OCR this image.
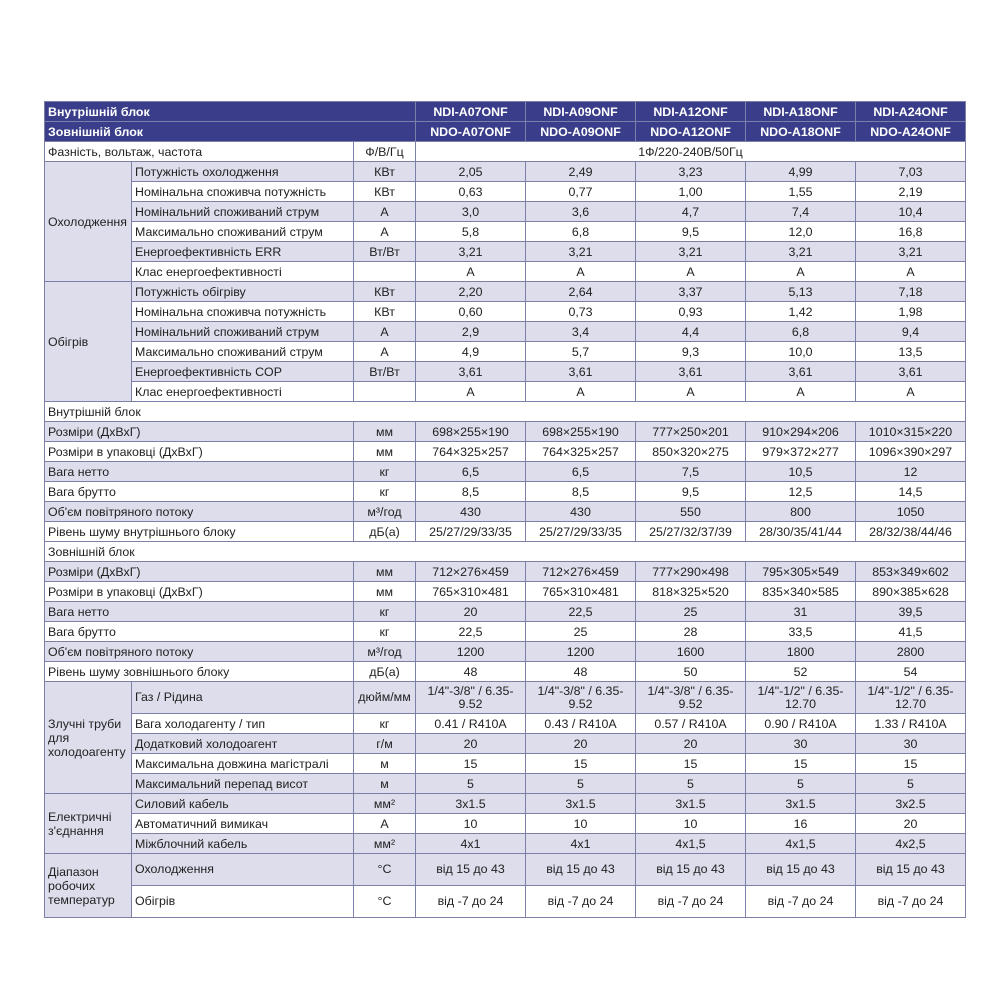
Внутрішній блок			NDI-A07ONF	NDI-A09ONF	NDI-A12ONF	NDI-A18ONF	NDI-A24ONF
Зовнішній блок			NDO-A07ONF	NDO-A09ONF	NDO-A12ONF	NDO-A18ONF	NDO-A24ONF
Фазність, вольтаж, частота		Ф/В/Гц	1Ф/220-240В/50Гц				
Охолодження	Потужність охолодження	КВт	2,05	2,49	3,23	4,99	7,03
	Номінальна споживча потужність	КВт	0,63	0,77	1,00	1,55	2,19
	Номінальний споживаний струм	А	3,0	3,6	4,7	7,4	10,4
	Максимально споживаний струм	А	5,8	6,8	9,5	12,0	16,8
	Енергоефективність ERR	Вт/Вт	3,21	3,21	3,21	3,21	3,21
	Клас енергоефективності		A	A	A	A	A
Обігрів	Потужність обігріву	КВт	2,20	2,64	3,37	5,13	7,18
	Номінальна споживча потужність	КВт	0,60	0,73	0,93	1,42	1,98
	Номінальний споживаний струм	А	2,9	3,4	4,4	6,8	9,4
	Максимально споживаний струм	А	4,9	5,7	9,3	10,0	13,5
	Енергоефективність COP	Вт/Вт	3,61	3,61	3,61	3,61	3,61
	Клас енергоефективності		A	A	A	A	A
Внутрішній блок							
Розміри (ДхВхГ)		мм	698×255×190	698×255×190	777×250×201	910×294×206	1010×315×220
Розміри в упаковці (ДхВхГ)		мм	764×325×257	764×325×257	850×320×275	979×372×277	1096×390×297
Вага нетто		кг	6,5	6,5	7,5	10,5	12
Вага брутто		кг	8,5	8,5	9,5	12,5	14,5
Об'єм повітряного потоку		м³/год	430	430	550	800	1050
Рівень шуму внутрішнього блоку		дБ(а)	25/27/29/33/35	25/27/29/33/35	25/27/32/37/39	28/30/35/41/44	28/32/38/44/46
Зовнішній блок							
Розміри (ДхВхГ)		мм	712×276×459	712×276×459	777×290×498	795×305×549	853×349×602
Розміри в упаковці (ДхВхГ)		мм	765×310×481	765×310×481	818×325×520	835×340×585	890×385×628
Вага нетто		кг	20	22,5	25	31	39,5
Вага брутто		кг	22,5	25	28	33,5	41,5
Об'єм повітряного потоку		м³/год	1200	1200	1600	1800	2800
Рівень шуму зовнішнього блоку		дБ(а)	48	48	50	52	54
Злучні труби для холодоагенту	Газ / Рідина	дюйм/мм	1/4"-3/8" / 6.35-9.52	1/4"-3/8" / 6.35-9.52	1/4"-3/8" / 6.35-9.52	1/4"-1/2" / 6.35-12.70	1/4"-1/2" / 6.35-12.70
	Вага холодагенту / тип	кг	0.41 / R410A	0.43 / R410A	0.57 / R410A	0.90 / R410A	1.33 / R410A
	Додатковий холодоагент	г/м	20	20	20	30	30
	Максимальна довжина магістралі	м	15	15	15	15	15
	Максимальний перепад висот	м	5	5	5	5	5
Електричні з'єднання	Силовий кабель	мм²	3x1.5	3x1.5	3x1.5	3x1.5	3x2.5
	Автоматичний вимикач	А	10	10	10	16	20
	Міжблочний кабель	мм²	4x1	4x1	4x1,5	4x1,5	4x2,5
Діапазон робочих температур	Охолодження	°С	від 15 до 43	від 15 до 43	від 15 до 43	від 15 до 43	від 15 до 43
	Обігрів	°С	від -7 до 24	від -7 до 24	від -7 до 24	від -7 до 24	від -7 до 24
